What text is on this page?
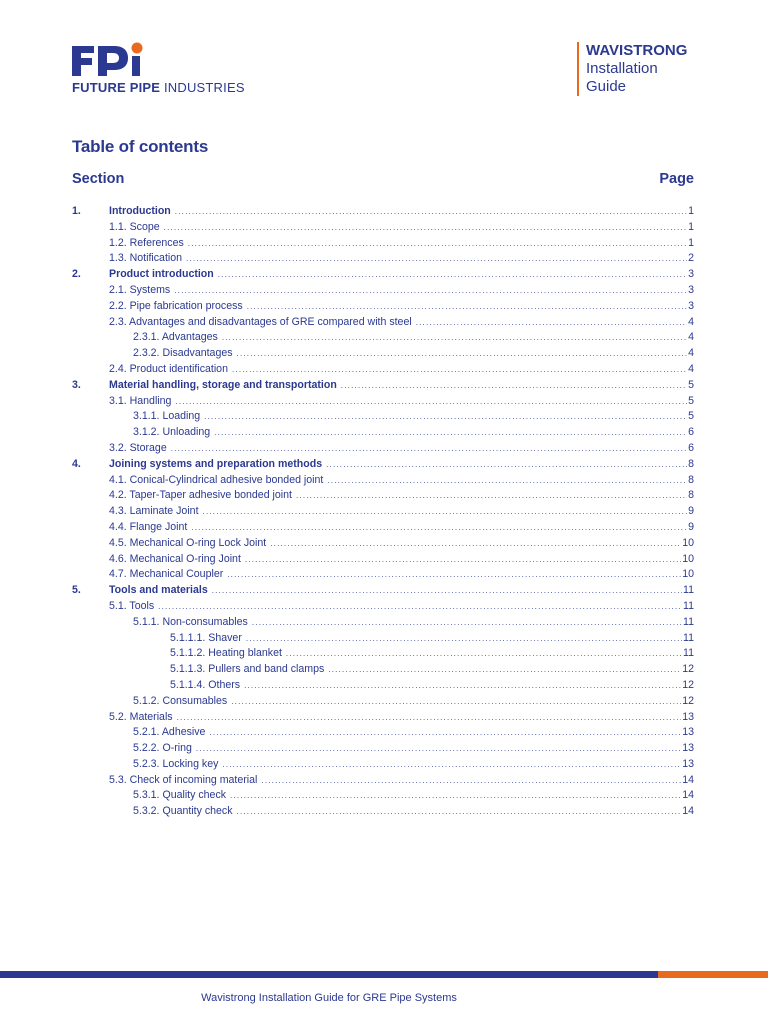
FUTURE PIPE INDUSTRIES
WAVISTRONG
Installation
Guide
Table of contents
Section	Page
1.	Introduction .....	1
1.1. Scope .....	1
1.2. References .....	1
1.3. Notification .....	2
2.	Product introduction .....	3
2.1. Systems .....	3
2.2. Pipe fabrication process .....	3
2.3. Advantages and disadvantages of GRE compared with steel .....	4
2.3.1. Advantages .....	4
2.3.2. Disadvantages .....	4
2.4. Product identification .....	4
3.	Material handling, storage and transportation .....	5
3.1. Handling .....	5
3.1.1. Loading .....	5
3.1.2. Unloading .....	6
3.2. Storage .....	6
4.	Joining systems and preparation methods .....	8
4.1. Conical-Cylindrical adhesive bonded joint .....	8
4.2. Taper-Taper adhesive bonded joint .....	8
4.3. Laminate Joint .....	9
4.4. Flange Joint .....	9
4.5. Mechanical O-ring Lock Joint .....	10
4.6. Mechanical O-ring Joint .....	10
4.7. Mechanical Coupler .....	10
5.	Tools and materials .....	11
5.1. Tools .....	11
5.1.1. Non-consumables .....	11
5.1.1.1. Shaver .....	11
5.1.1.2. Heating blanket .....	11
5.1.1.3. Pullers and band clamps .....	12
5.1.1.4. Others .....	12
5.1.2. Consumables .....	12
5.2. Materials .....	13
5.2.1. Adhesive .....	13
5.2.2. O-ring .....	13
5.2.3. Locking key .....	13
5.3. Check of incoming material .....	14
5.3.1. Quality check .....	14
5.3.2. Quantity check .....	14
Wavistrong Installation Guide for GRE Pipe Systems
